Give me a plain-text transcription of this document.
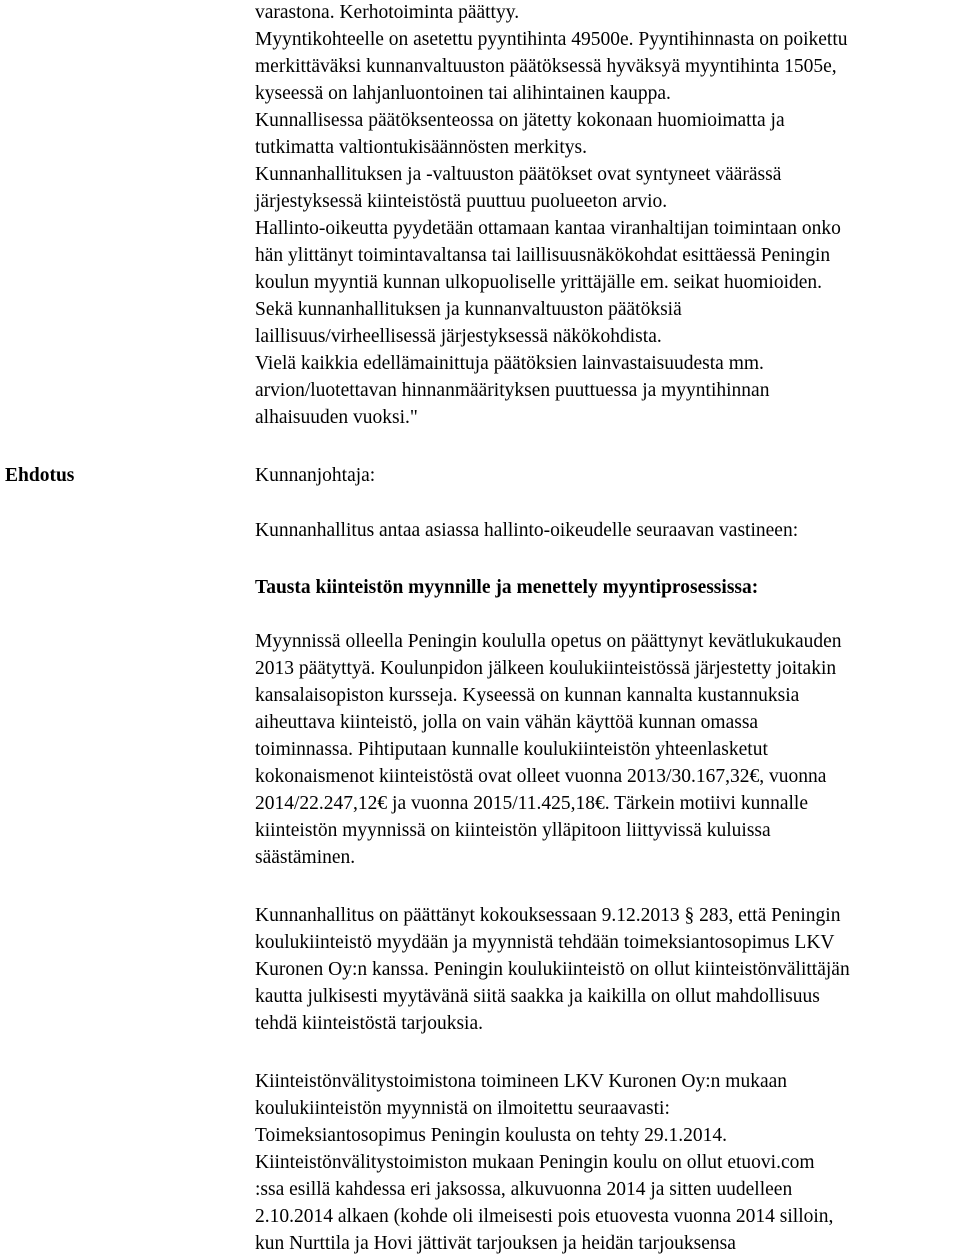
Ehdotus
varastona. Kerhotoiminta päättyy.
Myyntikohteelle on asetettu pyyntihinta 49500e. Pyyntihinnasta on poikettu
merkittäväksi kunnanvaltuuston päätöksessä hyväksyä myyntihinta 1505e,
kyseessä on lahjanluontoinen tai alihintainen kauppa.
Kunnallisessa päätöksenteossa on jätetty kokonaan huomioimatta ja
tutkimatta valtiontukisäännösten merkitys.
Kunnanhallituksen ja -valtuuston päätökset ovat syntyneet väärässä
järjestyksessä kiinteistöstä puuttuu puolueeton arvio.
Hallinto-oikeutta pyydetään ottamaan kantaa viranhaltijan toimintaan onko
hän ylittänyt toimintavaltansa tai laillisuusnäkökohdat esittäessä Peningin
koulun myyntiä kunnan ulkopuoliselle yrittäjälle em. seikat huomioiden.
Sekä kunnanhallituksen ja kunnanvaltuuston päätöksiä
laillisuus/virheellisessä järjestyksessä näkökohdista.
Vielä kaikkia edellämainittuja päätöksien lainvastaisuudesta mm.
arvion/luotettavan hinnanmäärityksen puuttuessa ja myyntihinnan
alhaisuuden vuoksi."
Kunnanjohtaja:
Kunnanhallitus antaa asiassa hallinto-oikeudelle seuraavan vastineen:
Tausta kiinteistön myynnille ja menettely myyntiprosessissa:
Myynnissä olleella Peningin koululla opetus on päättynyt kevätlukukauden
2013 päätyttyä. Koulunpidon jälkeen koulukiinteistössä järjestetty joitakin
kansalaisopiston kursseja. Kyseessä on kunnan kannalta kustannuksia
aiheuttava kiinteistö, jolla on vain vähän käyttöä kunnan omassa
toiminnassa. Pihtiputaan kunnalle koulukiinteistön yhteenlasketut
kokonaismenot kiinteistöstä ovat olleet vuonna 2013/30.167,32€, vuonna
2014/22.247,12€ ja vuonna 2015/11.425,18€. Tärkein motiivi kunnalle
kiinteistön myynnissä on kiinteistön ylläpitoon liittyvissä kuluissa
säästäminen.
Kunnanhallitus on päättänyt kokouksessaan 9.12.2013 § 283, että Peningin
koulukiinteistö myydään ja myynnistä tehdään toimeksiantosopimus LKV
Kuronen Oy:n kanssa. Peningin koulukiinteistö on ollut kiinteistönvälittäjän
kautta julkisesti myytävänä siitä saakka ja kaikilla on ollut mahdollisuus
tehdä kiinteistöstä tarjouksia.
Kiinteistönvälitystoimistona toimineen LKV Kuronen Oy:n mukaan
koulukiinteistön myynnistä on ilmoitettu seuraavasti:
Toimeksiantosopimus Peningin koulusta on tehty 29.1.2014.
Kiinteistönvälitystoimiston mukaan Peningin koulu on ollut etuovi.com
:ssa esillä kahdessa eri jaksossa, alkuvuonna 2014 ja sitten uudelleen
2.10.2014 alkaen (kohde oli ilmeisesti pois etuovesta vuonna 2014 silloin,
kun Nurttila ja Hovi jättivät tarjouksen ja heidän tarjouksensa
